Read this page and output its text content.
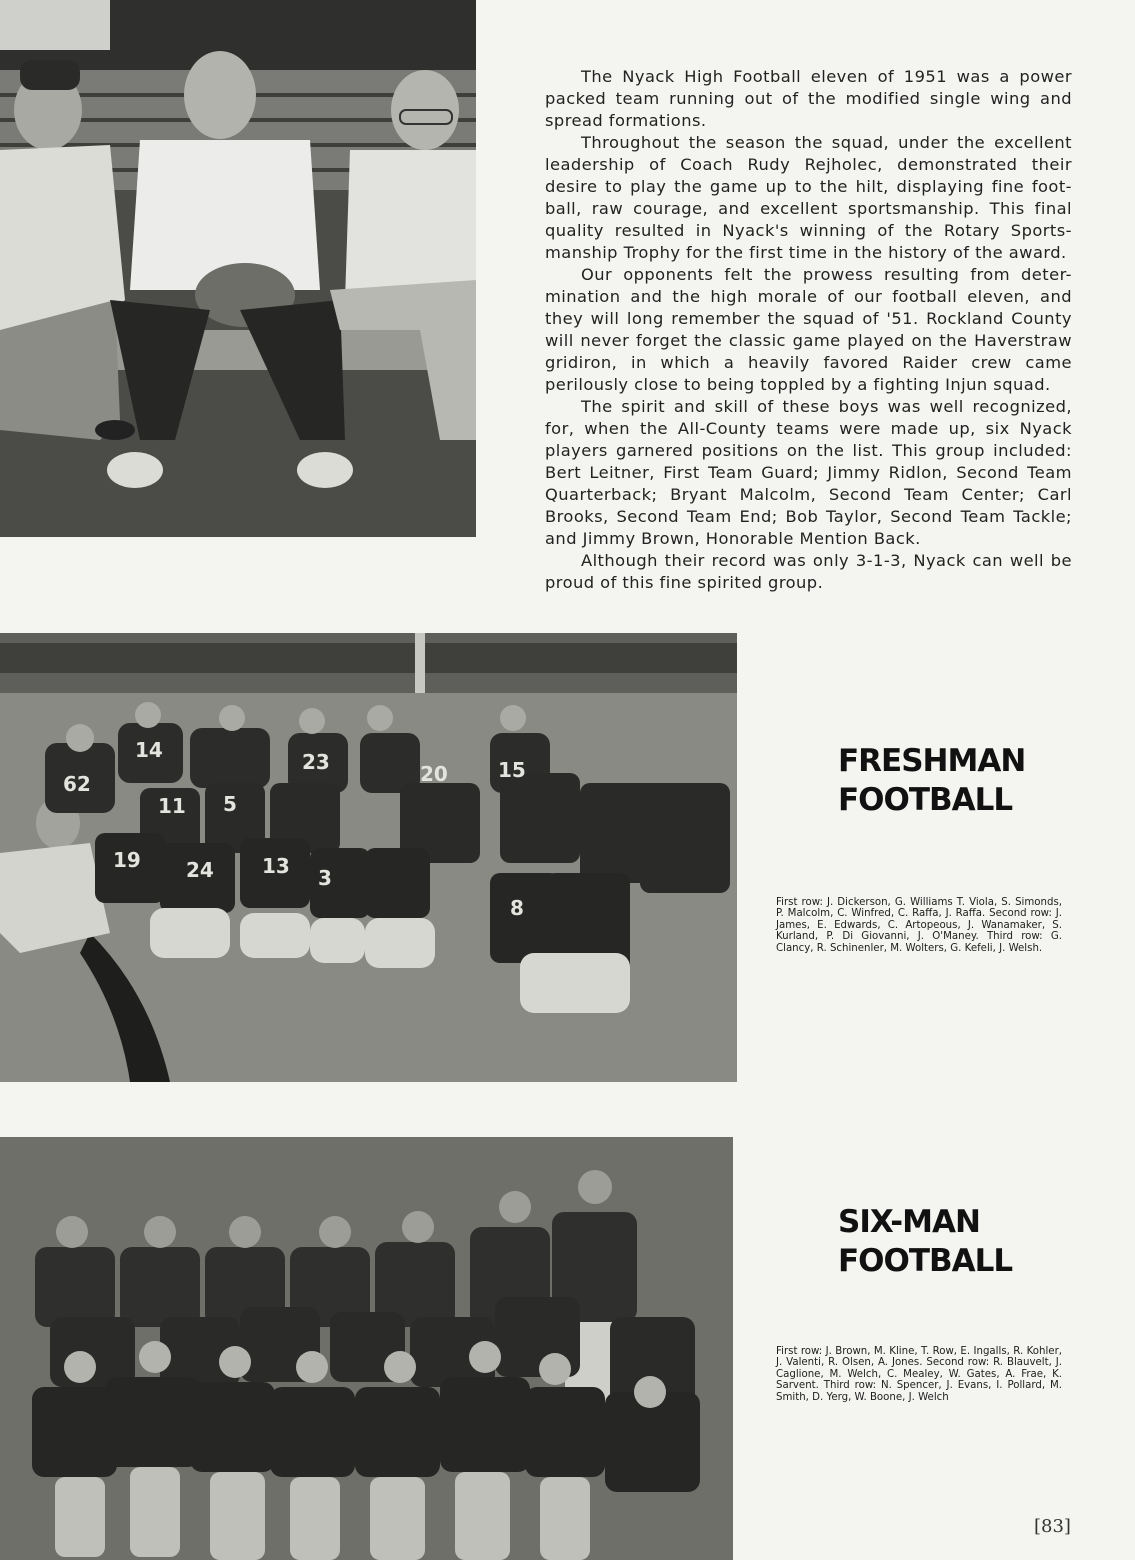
The Nyack High Football eleven of 1951 was a power packed team running out of the modified single wing and spread formations.

Throughout the season the squad, under the excellent leadership of Coach Rudy Rejholec, demonstrated their desire to play the game up to the hilt, displaying fine foot- ball, raw courage, and excellent sportsmanship. This final quality resulted in Nyack's winning of the Rotary Sports- manship Trophy for the first time in the history of the award.

Our opponents felt the prowess resulting from deter- mination and the high morale of our football eleven, and they will long remember the squad of '51. Rockland County will never forget the classic game played on the Haverstraw gridiron, in which a heavily favored Raider crew came perilously close to being toppled by a fighting Injun squad.

The spirit and skill of these boys was well recognized, for, when the All-County teams were made up, six Nyack players garnered positions on the list. This group included: Bert Leitner, First Team Guard; Jimmy Ridlon, Second Team Quarterback; Bryant Malcolm, Second Team Center; Carl Brooks, Second Team End; Bob Taylor, Second Team Tackle; and Jimmy Brown, Honorable Mention Back.

Although their record was only 3-1-3, Nyack can well be proud of this fine spirited group.

62
14	23	20	15
11 5
19 24 13 3
8
FRESHMAN
FOOTBALL

First row: J. Dickerson, G. Williams T. Viola, S. Simonds, P. Malcolm, C. Winfred, C. Raffa, J. Raffa. Second row: J. James, E. Edwards, C. Artopeous, J. Wanamaker, S. Kurland, P. Di Giovanni, J. O'Maney. Third row: G. Clancy, R. Schinenler, M. Wolters, G. Kefeli, J. Welsh.

SIX-MAN
FOOTBALL

First row: J. Brown, M. Kline, T. Row, E. Ingalls, R. Kohler, J. Valenti, R. Olsen, A. Jones. Second row: R. Blauvelt, J. Caglione, M. Welch, C. Mealey, W. Gates, A. Frae, K. Sarvent. Third row: N. Spencer, J. Evans, I. Pollard, M. Smith, D. Yerg, W. Boone, J. Welch

[83]
